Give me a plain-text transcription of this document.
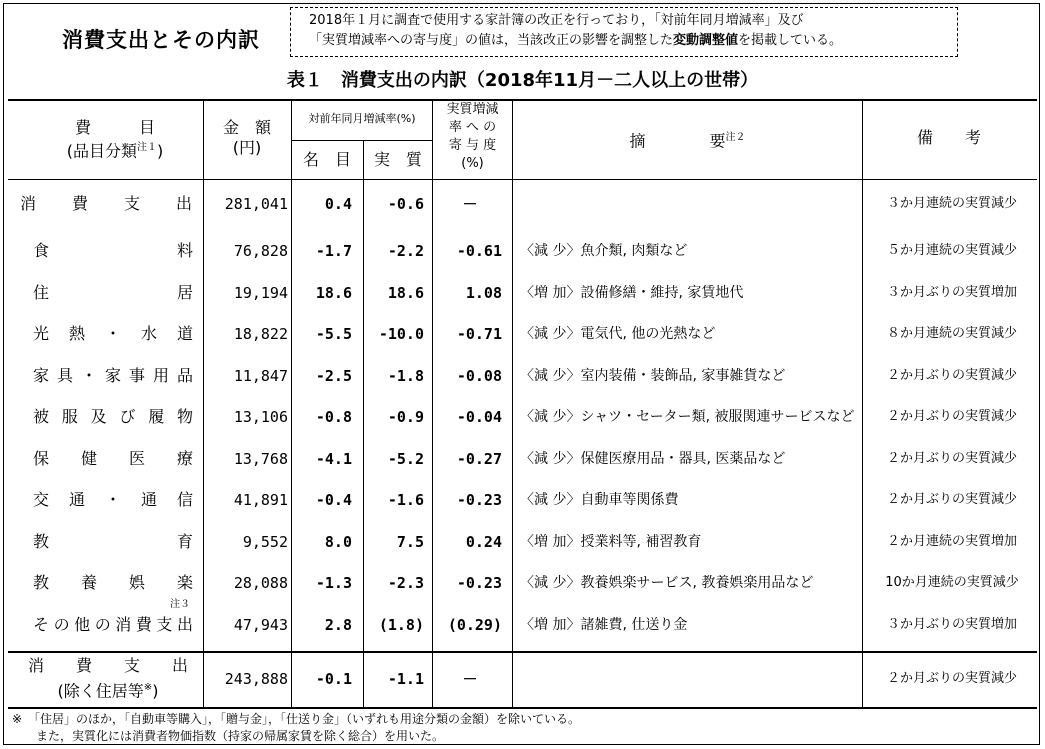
消費支出とその内訳
2018年１月に調査で使用する家計簿の改正を行っており，「対前年同月増減率」及び
「実質増減率への寄与度」の値は，当該改正の影響を調整した変動調整値を掲載している。
表１　消費支出の内訳（2018年11月－二人以上の世帯）
費　　　目
(品目分類$^{注1}$)
金　額
(円)
対前年同月増減率(%)
名　目	実　質
実質増減
率 へ の
寄 与 度
(%)
摘　　　　要$^{注2}$	備　　考
消費支出	281,041	0.4	-0.6	－	３か月連続の実質減少
食料	76,828	-1.7	-2.2	-0.61 〈減 少〉魚介類, 肉類など	５か月連続の実質減少
住居	19,194	18.6	18.6	1.08 〈増 加〉設備修繕・維持, 家賃地代	３か月ぶりの実質増加
光熱・水道	18,822	-5.5	-10.0	-0.71 〈減 少〉電気代, 他の光熱など	８か月連続の実質減少
家具・家事用品	11,847	-2.5	-1.8	-0.08 〈減 少〉室内装備・装飾品, 家事雑貨など	２か月ぶりの実質減少
被服及び履物	13,106	-0.8	-0.9	-0.04 〈減 少〉シャツ・セーター類, 被服関連サービスなど	２か月ぶりの実質減少
保健医療	13,768	-4.1	-5.2	-0.27 〈減 少〉保健医療用品・器具, 医薬品など	２か月ぶりの実質減少
交通・通信	41,891	-0.4	-1.6	-0.23 〈減 少〉自動車等関係費	２か月ぶりの実質減少
教育	9,552	8.0	7.5	0.24 〈増 加〉授業料等, 補習教育	２か月連続の実質増加
教養娯楽	28,088	-1.3	-2.3	-0.23 〈減 少〉教養娯楽サービス, 教養娯楽用品など	10か月連続の実質減少
その他の消費支出	47,943	2.8	(1.8)	(0.29) 〈増 加〉諸雑費, 仕送り金	３か月ぶりの実質増加
注３
消　　費　　支　　出
(除く住居等※)
243,888	-0.1	-1.1	－	２か月ぶりの実質減少
※　「住居」のほか，「自動車等購入」，「贈与金」，「仕送り金」（いずれも用途分類の金額）を除いている。
　　また，実質化には消費者物価指数（持家の帰属家賃を除く総合）を用いた。
